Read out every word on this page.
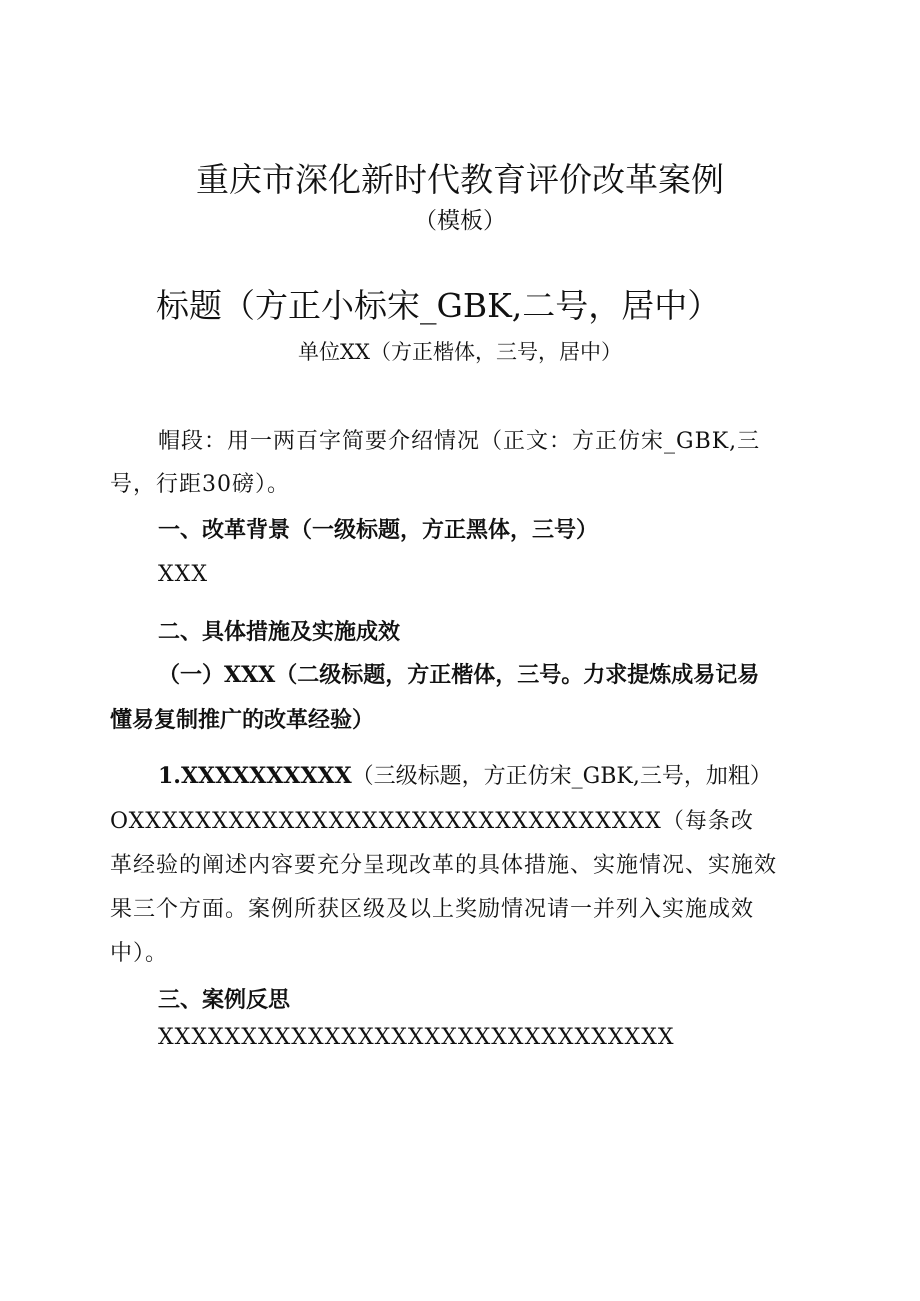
重庆市深化新时代教育评价改革案例
（模板）
标题（方正小标宋_GBK,二号，居中）
单位XX（方正楷体，三号，居中）
帽段：用一两百字简要介绍情况（正文：方正仿宋_GBK,三
号，行距30磅）。
一、改革背景（一级标题，方正黑体，三号）
XXX
二、具体措施及实施成效
（一）XXX（二级标题，方正楷体，三号。力求提炼成易记易
懂易复制推广的改革经验）
1.XXXXXXXXXX（三级标题，方正仿宋_GBK,三号，加粗）
OXXXXXXXXXXXXXXXXXXXXXXXXXXXXXXXX（每条改
革经验的阐述内容要充分呈现改革的具体措施、实施情况、实施效
果三个方面。案例所获区级及以上奖励情况请一并列入实施成效
中）。
三、案例反思
XXXXXXXXXXXXXXXXXXXXXXXXXXXXXXX
